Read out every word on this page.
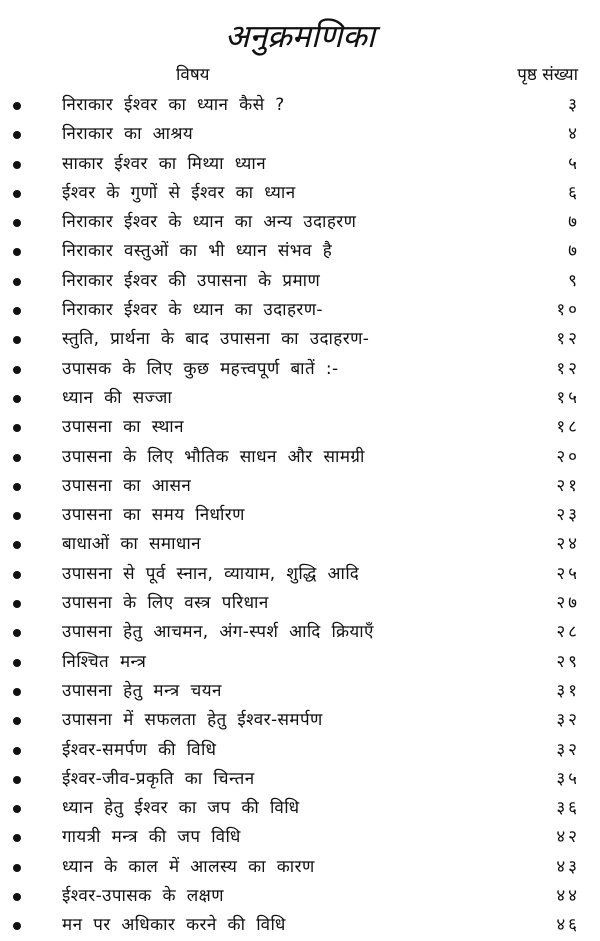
अनुक्रमणिका
विषय	पृष्ठ संख्या
निराकार ईश्वर का ध्यान कैसे ?	३
निराकार का आश्रय	४
साकार ईश्वर का मिथ्या ध्यान	५
ईश्वर के गुणों से ईश्वर का ध्यान	६
निराकार ईश्वर के ध्यान का अन्य उदाहरण	७
निराकार वस्तुओं का भी ध्यान संभव है	७
निराकार ईश्वर की उपासना के प्रमाण	९
निराकार ईश्वर के ध्यान का उदाहरण-	१०
स्तुति, प्रार्थना के बाद उपासना का उदाहरण-	१२
उपासक के लिए कुछ महत्त्वपूर्ण बातें :-	१२
ध्यान की सज्जा	१५
उपासना का स्थान	१८
उपासना के लिए भौतिक साधन और सामग्री	२०
उपासना का आसन	२१
उपासना का समय निर्धारण	२३
बाधाओं का समाधान	२४
उपासना से पूर्व स्नान, व्यायाम, शुद्धि आदि	२५
उपासना के लिए वस्त्र परिधान	२७
उपासना हेतु आचमन, अंग-स्पर्श आदि क्रियाएँ	२८
निश्चित मन्त्र	२९
उपासना हेतु मन्त्र चयन	३१
उपासना में सफलता हेतु ईश्वर-समर्पण	३२
ईश्वर-समर्पण की विधि	३२
ईश्वर-जीव-प्रकृति का चिन्तन	३५
ध्यान हेतु ईश्वर का जप की विधि	३६
गायत्री मन्त्र की जप विधि	४२
ध्यान के काल में आलस्य का कारण	४३
ईश्वर-उपासक के लक्षण	४४
मन पर अधिकार करने की विधि	४६
